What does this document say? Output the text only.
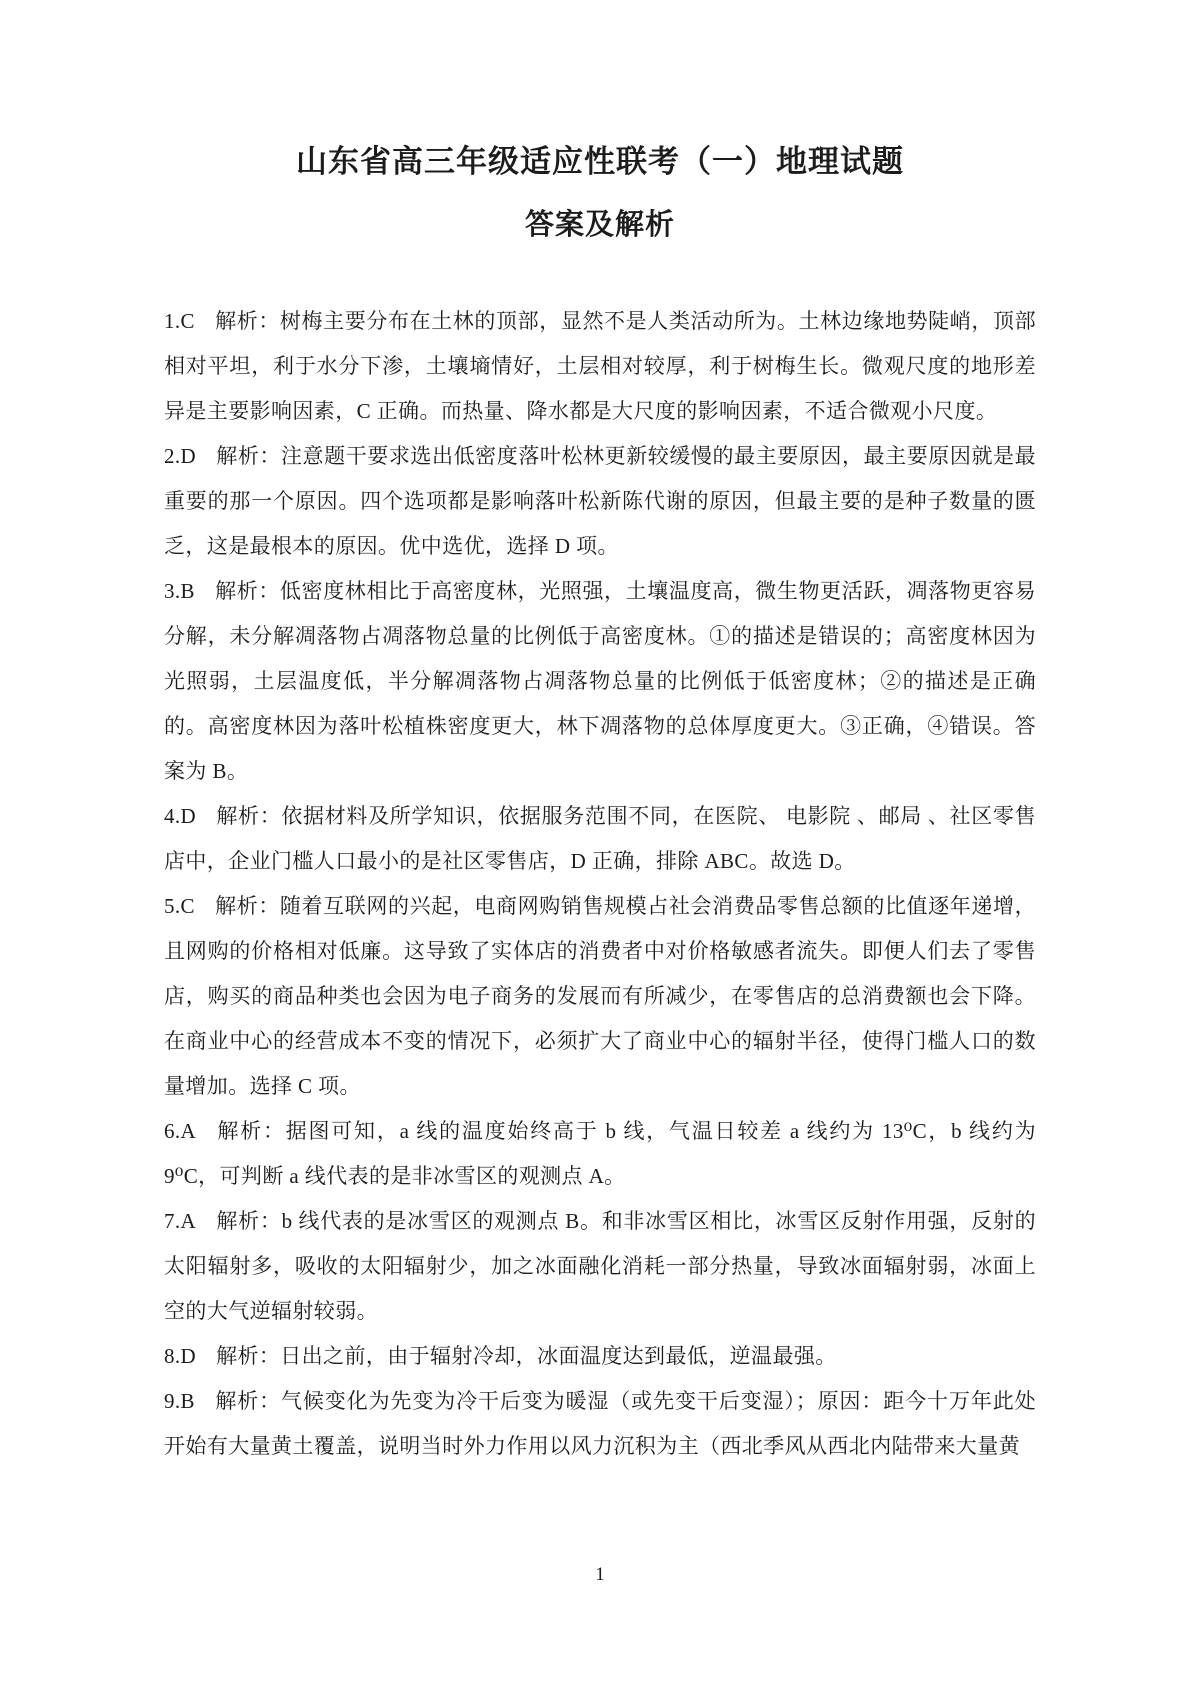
山东省高三年级适应性联考（一）地理试题
答案及解析

1.C 解析：树梅主要分布在土林的顶部，显然不是人类活动所为。土林边缘地势陡峭，顶部相对平坦，利于水分下渗，土壤墒情好，土层相对较厚，利于树梅生长。微观尺度的地形差异是主要影响因素，C 正确。而热量、降水都是大尺度的影响因素，不适合微观小尺度。

2.D 解析：注意题干要求选出低密度落叶松林更新较缓慢的最主要原因，最主要原因就是最重要的那一个原因。四个选项都是影响落叶松新陈代谢的原因，但最主要的是种子数量的匮乏，这是最根本的原因。优中选优，选择 D 项。

3.B 解析：低密度林相比于高密度林，光照强，土壤温度高，微生物更活跃，凋落物更容易分解，未分解凋落物占凋落物总量的比例低于高密度林。①的描述是错误的；高密度林因为光照弱，土层温度低，半分解凋落物占凋落物总量的比例低于低密度林；②的描述是正确的。高密度林因为落叶松植株密度更大，林下凋落物的总体厚度更大。③正确，④错误。答案为 B。

4.D 解析：依据材料及所学知识，依据服务范围不同，在医院、 电影院 、邮局 、社区零售店中，企业门槛人口最小的是社区零售店，D 正确，排除 ABC。故选 D。

5.C 解析：随着互联网的兴起，电商网购销售规模占社会消费品零售总额的比值逐年递增，且网购的价格相对低廉。这导致了实体店的消费者中对价格敏感者流失。即便人们去了零售店，购买的商品种类也会因为电子商务的发展而有所减少，在零售店的总消费额也会下降。在商业中心的经营成本不变的情况下，必须扩大了商业中心的辐射半径，使得门槛人口的数量增加。选择 C 项。

6.A 解析：据图可知，a 线的温度始终高于 b 线，气温日较差 a 线约为 13⁰C，b 线约为 9⁰C，可判断 a 线代表的是非冰雪区的观测点 A。

7.A 解析：b 线代表的是冰雪区的观测点 B。和非冰雪区相比，冰雪区反射作用强，反射的太阳辐射多，吸收的太阳辐射少，加之冰面融化消耗一部分热量，导致冰面辐射弱，冰面上空的大气逆辐射较弱。

8.D 解析：日出之前，由于辐射冷却，冰面温度达到最低，逆温最强。

9.B 解析：气候变化为先变为冷干后变为暖湿（或先变干后变湿）；原因：距今十万年此处开始有大量黄土覆盖，说明当时外力作用以风力沉积为主（西北季风从西北内陆带来大量黄

1
